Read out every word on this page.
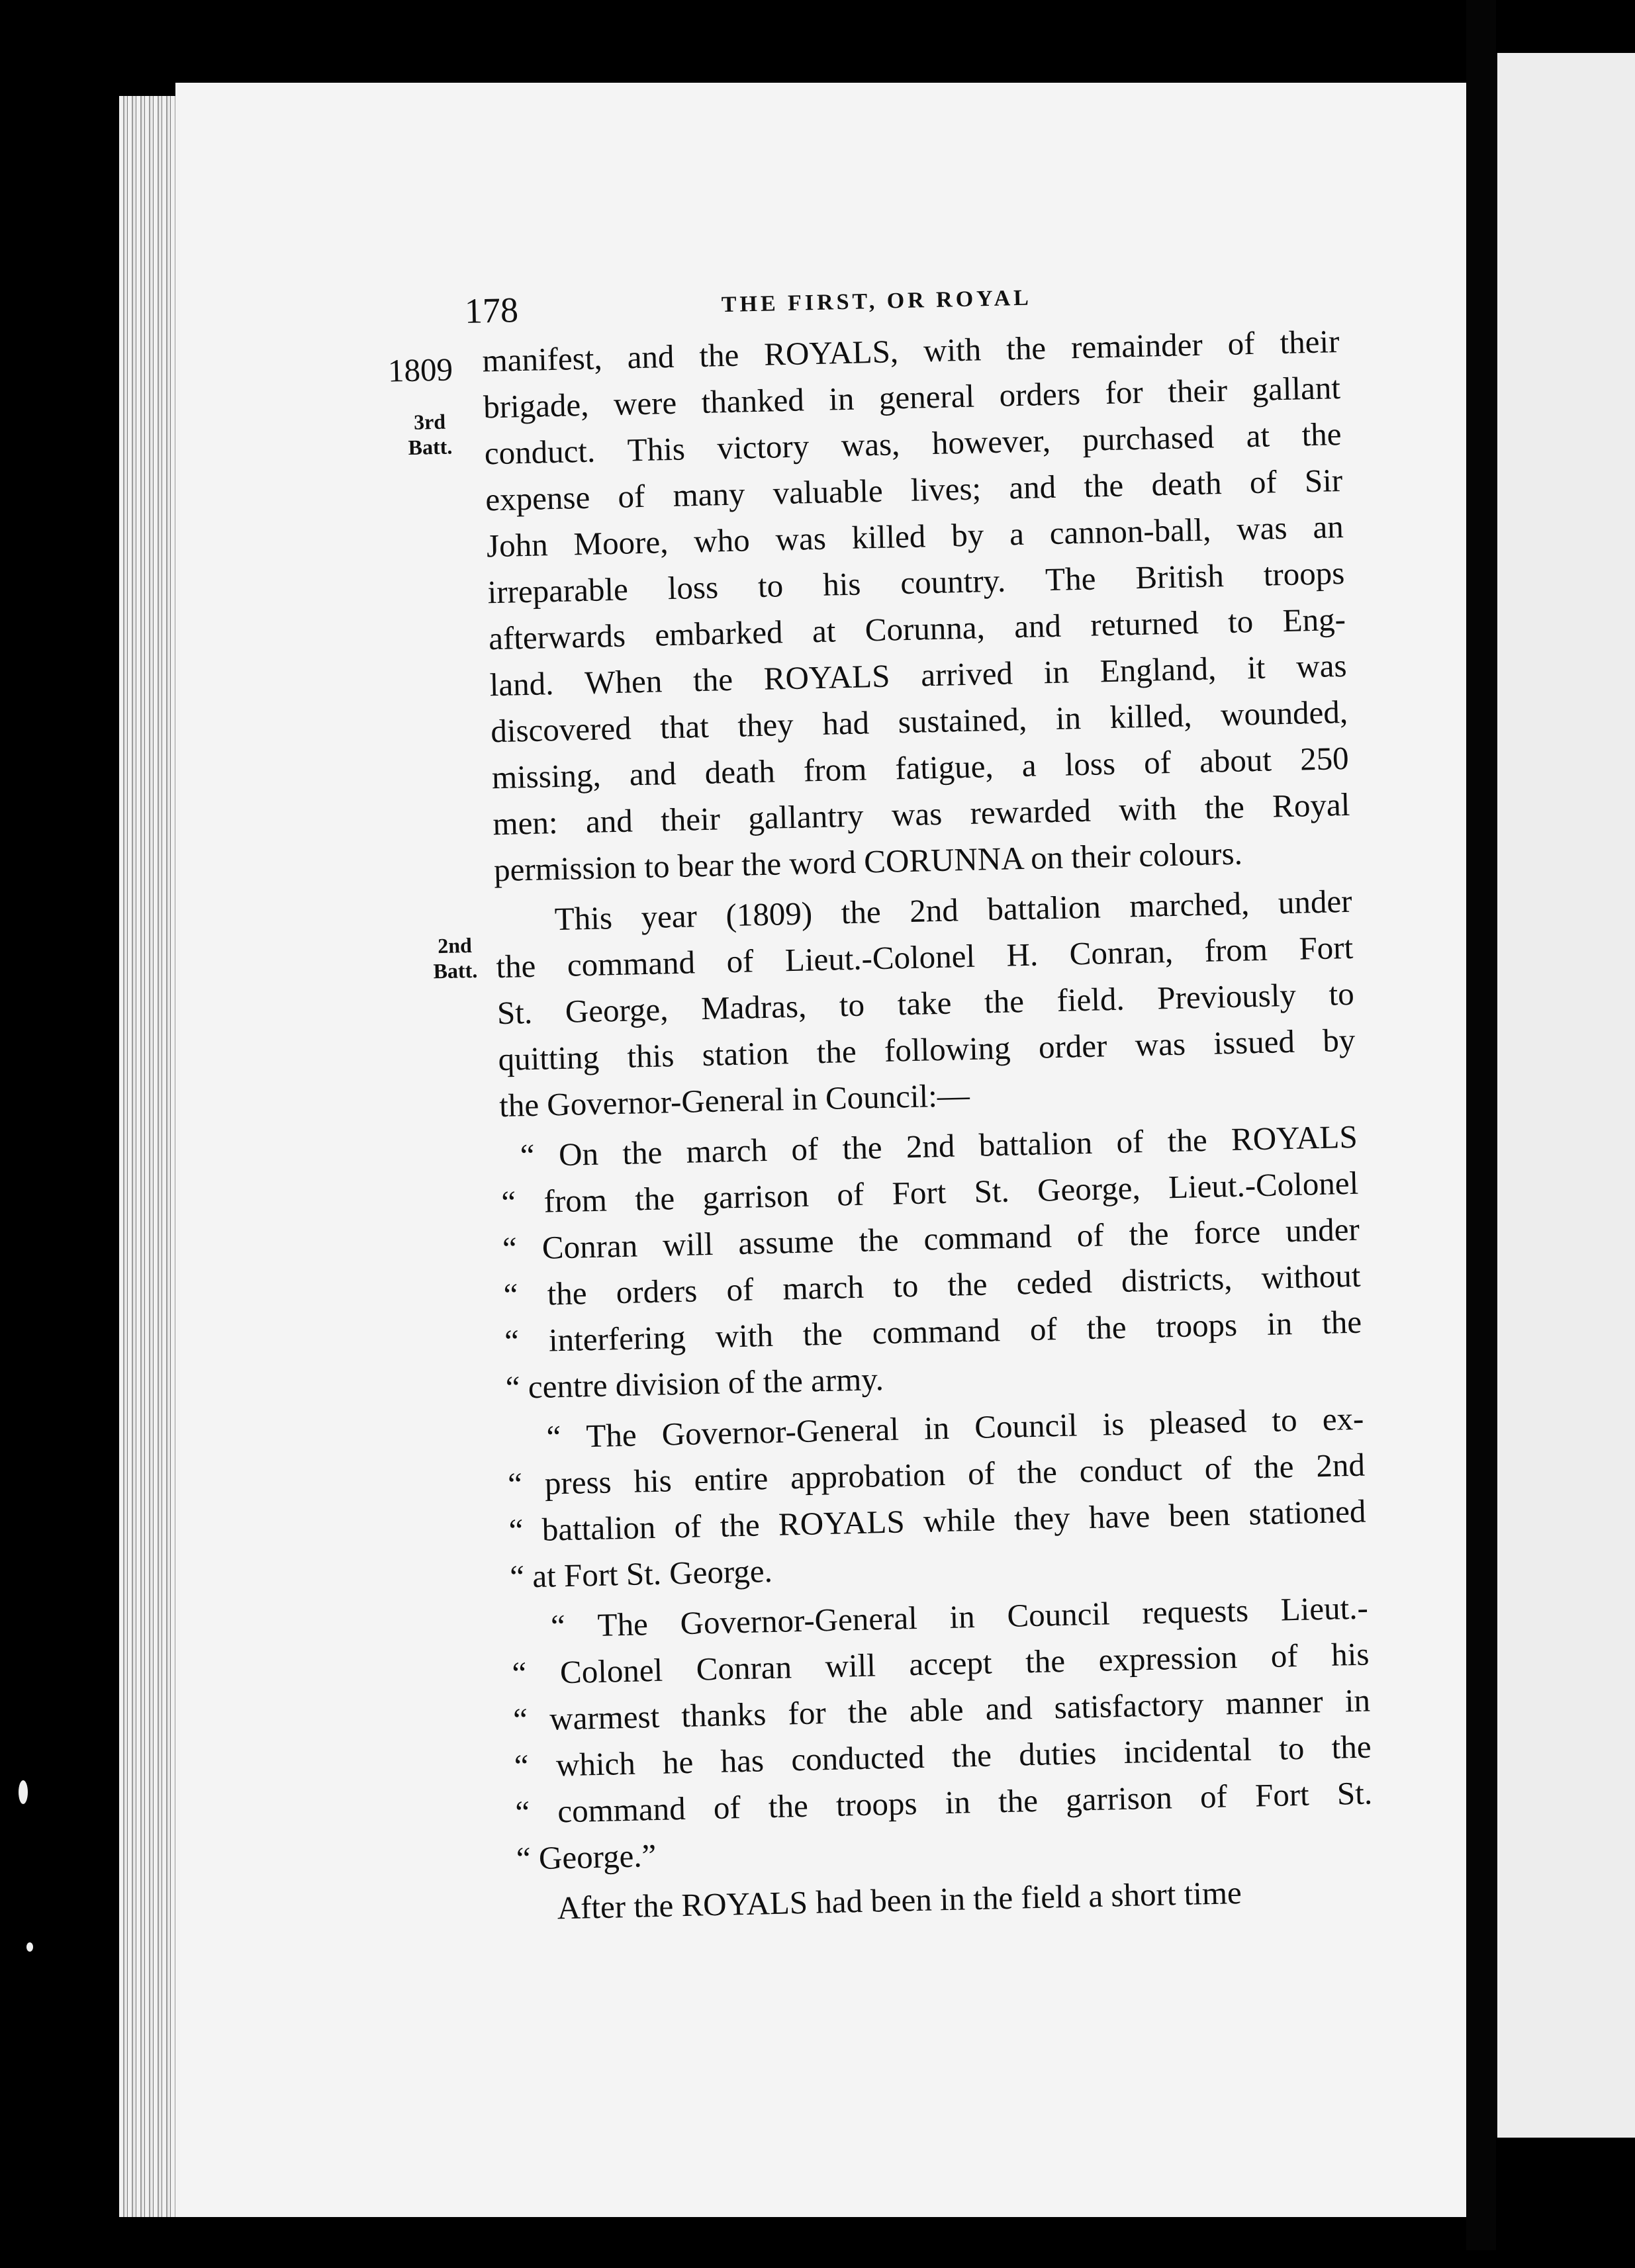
178	THE FIRST, OR ROYAL
1809
3rd
Batt.
2nd
Batt.
manifest, and the ROYALS, with the remainder of their
brigade, were thanked in general orders for their gallant
conduct. This victory was, however, purchased at the
expense of many valuable lives; and the death of Sir
John Moore, who was killed by a cannon-ball, was an
irreparable loss to his country. The British troops
afterwards embarked at Corunna, and returned to Eng-
land. When the ROYALS arrived in England, it was
discovered that they had sustained, in killed, wounded,
missing, and death from fatigue, a loss of about 250
men: and their gallantry was rewarded with the Royal
permission to bear the word CORUNNA on their colours.
This year (1809) the 2nd battalion marched, under
the command of Lieut.-Colonel H. Conran, from Fort
St. George, Madras, to take the field. Previously to
quitting this station the following order was issued by
the Governor-General in Council:—
“ On the march of the 2nd battalion of the ROYALS
“ from the garrison of Fort St. George, Lieut.-Colonel
“ Conran will assume the command of the force under
“ the orders of march to the ceded districts, without
“ interfering with the command of the troops in the
“ centre division of the army.
“ The Governor-General in Council is pleased to ex-
“ press his entire approbation of the conduct of the 2nd
“ battalion of the ROYALS while they have been stationed
“ at Fort St. George.
“ The Governor-General in Council requests Lieut.-
“ Colonel Conran will accept the expression of his
“ warmest thanks for the able and satisfactory manner in
“ which he has conducted the duties incidental to the
“ command of the troops in the garrison of Fort St.
“ George.”
After the ROYALS had been in the field a short time
